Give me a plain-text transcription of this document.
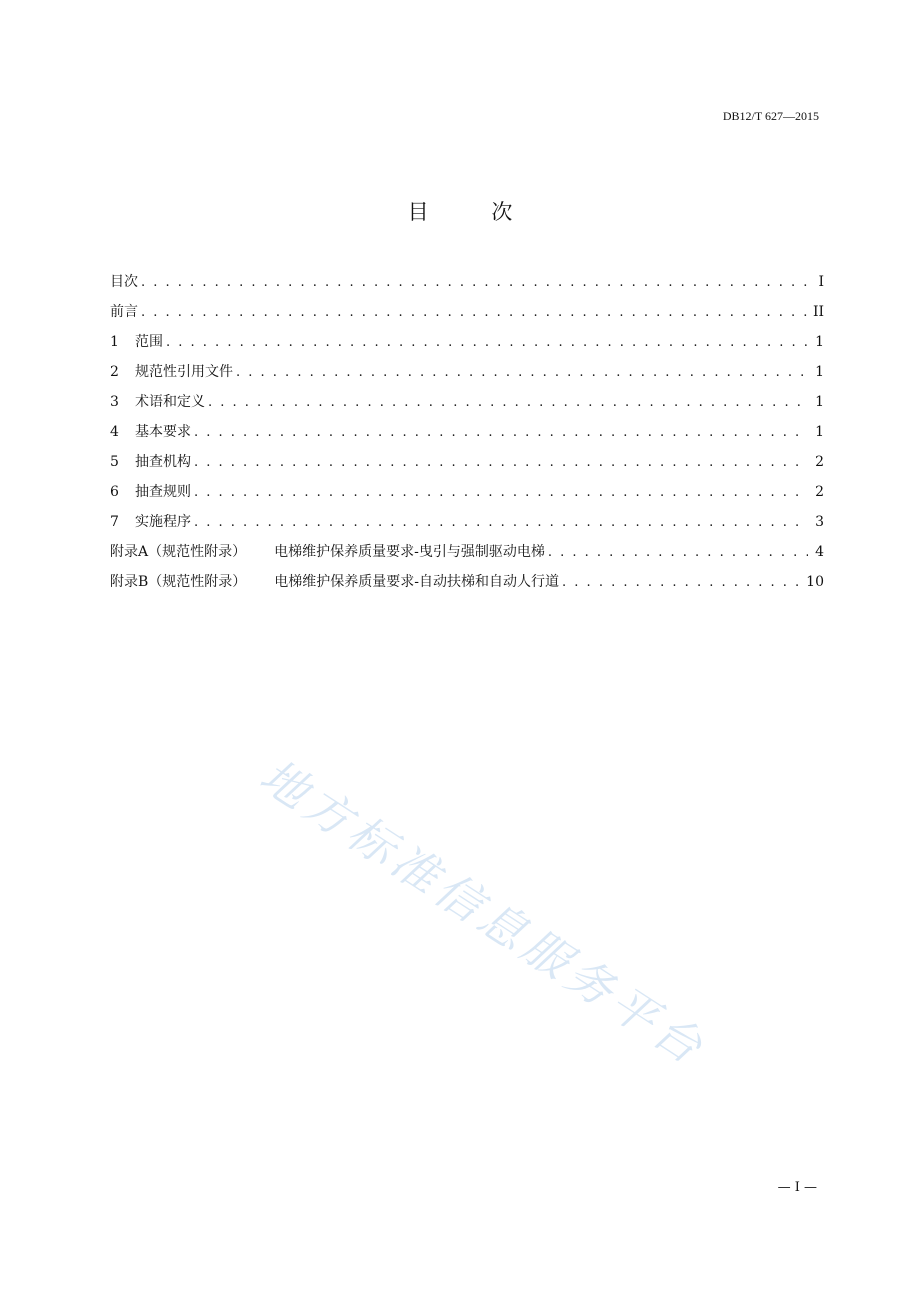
DB12/T 627—2015
目 次
目次 . . .	I
前言 . . .	II
1	范围 . . .	1
2	规范性引用文件 . . .	1
3	术语和定义 . . .	1
4	基本要求 . . .	1
5	抽查机构 . . .	2
6	抽查规则 . . .	2
7	实施程序 . . .	3
附录A（规范性附录） 电梯维护保养质量要求-曳引与强制驱动电梯 . . .	4
附录B（规范性附录） 电梯维护保养质量要求-自动扶梯和自动人行道 . . .	10
地方标准信息服务平台
— I —
